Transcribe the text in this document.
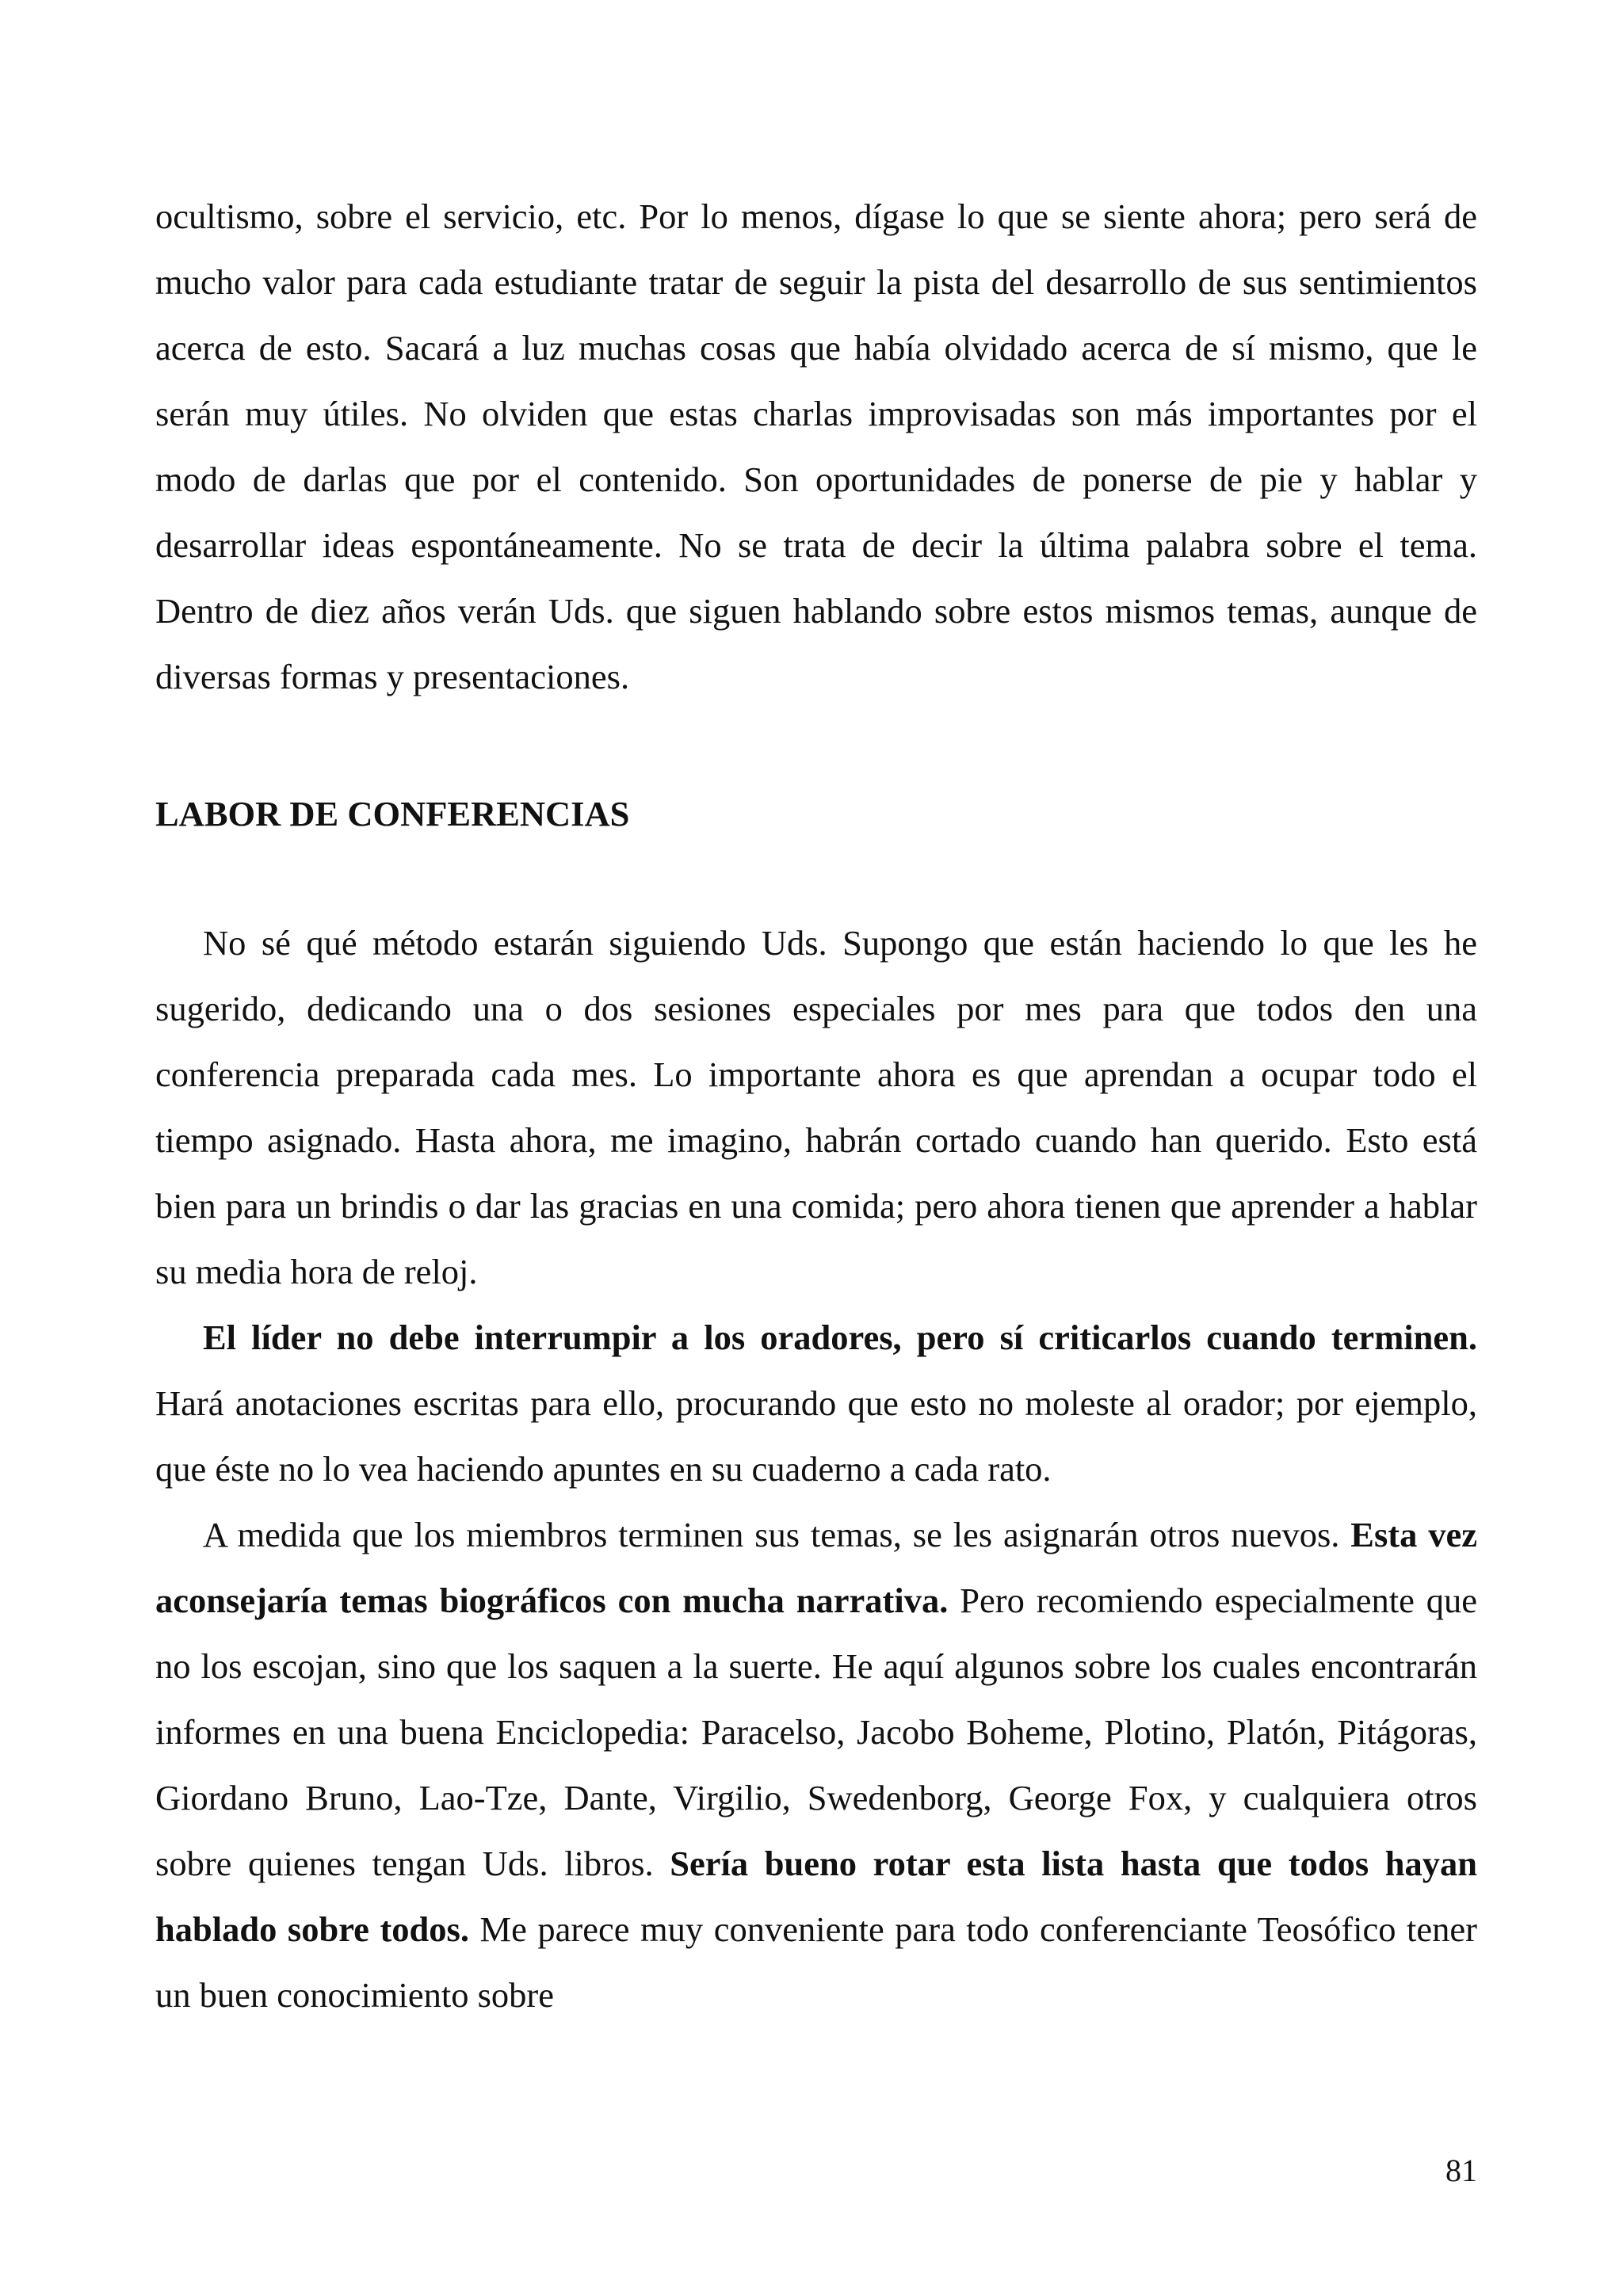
ocultismo, sobre el servicio, etc. Por lo menos, dígase lo que se siente ahora; pero será de mucho valor para cada estudiante tratar de seguir la pista del desarrollo de sus sentimientos acerca de esto. Sacará a luz muchas cosas que había olvidado acerca de sí mismo, que le serán muy útiles. No olviden que estas charlas improvisadas son más importantes por el modo de darlas que por el contenido. Son oportunidades de ponerse de pie y hablar y desarrollar ideas espontáneamente. No se trata de decir la última palabra sobre el tema. Dentro de diez años verán Uds. que siguen hablando sobre estos mismos temas, aunque de diversas formas y presentaciones.

LABOR DE CONFERENCIAS

No sé qué método estarán siguiendo Uds. Supongo que están haciendo lo que les he sugerido, dedicando una o dos sesiones especiales por mes para que todos den una conferencia preparada cada mes. Lo importante ahora es que aprendan a ocupar todo el tiempo asignado. Hasta ahora, me imagino, habrán cortado cuando han querido. Esto está bien para un brindis o dar las gracias en una comida; pero ahora tienen que aprender a hablar su media hora de reloj.

El líder no debe interrumpir a los oradores, pero sí criticarlos cuando terminen. Hará anotaciones escritas para ello, procurando que esto no moleste al orador; por ejemplo, que éste no lo vea haciendo apuntes en su cuaderno a cada rato.

A medida que los miembros terminen sus temas, se les asignarán otros nuevos. Esta vez aconsejaría temas biográficos con mucha narrativa. Pero recomiendo especialmente que no los escojan, sino que los saquen a la suerte. He aquí algunos sobre los cuales encontrarán informes en una buena Enciclopedia: Paracelso, Jacobo Boheme, Plotino, Platón, Pitágoras, Giordano Bruno, Lao-Tze, Dante, Virgilio, Swedenborg, George Fox, y cualquiera otros sobre quienes tengan Uds. libros. Sería bueno rotar esta lista hasta que todos hayan hablado sobre todos. Me parece muy conveniente para todo conferenciante Teosófico tener un buen conocimiento sobre

81
